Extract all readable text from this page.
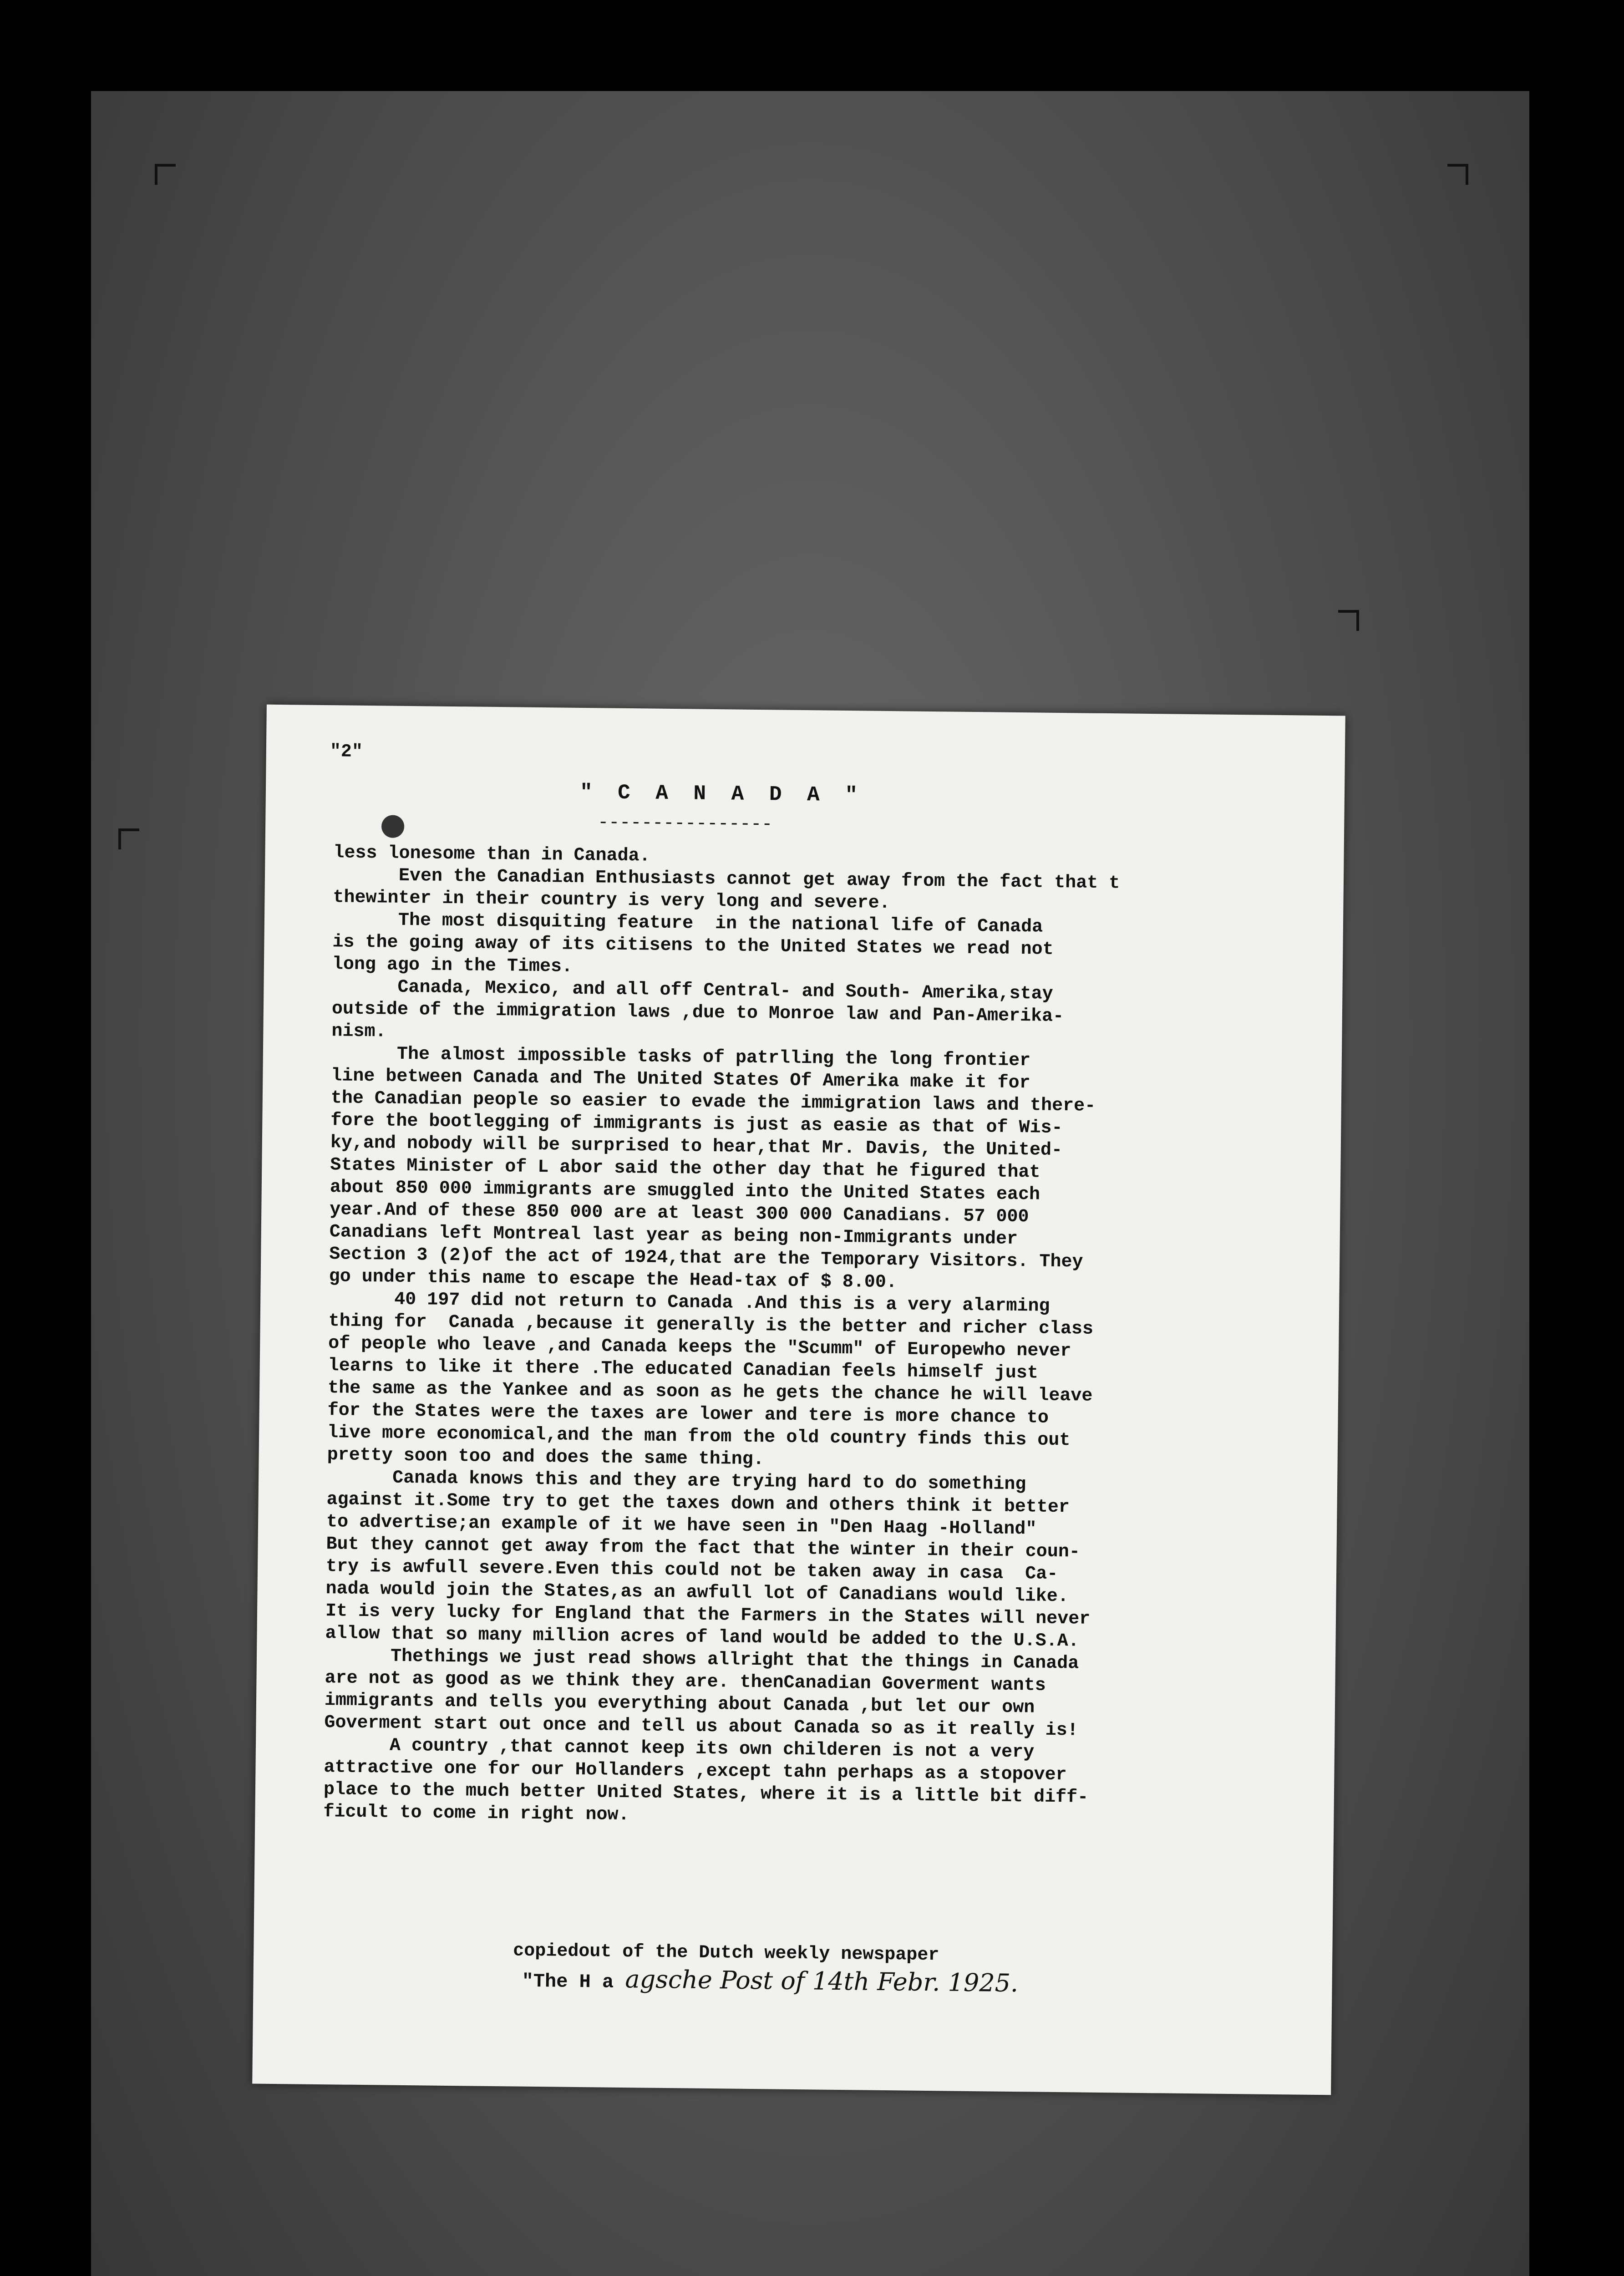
"2"
" C A N A D A "
----------------

less lonesome than in Canada.

Even the Canadian Enthusiasts cannot get away from the fact that t

thewinter in their country is very long and severe.

The most disquiting feature  in the national life of Canada

is the going away of its citisens to the United States we read not

long ago in the Times.

Canada, Mexico, and all off Central- and South- Amerika,stay

outside of the immigration laws ,due to Monroe law and Pan-Amerika-

nism.

The almost impossible tasks of patrlling the long frontier

line between Canada and The United States Of Amerika make it for

the Canadian people so easier to evade the immigration laws and there-

fore the bootlegging of immigrants is just as easie as that of Wis-

ky,and nobody will be surprised to hear,that Mr. Davis, the United-

States Minister of L abor said the other day that he figured that

about 850 000 immigrants are smuggled into the United States each

year.And of these 850 000 are at least 300 000 Canadians. 57 000

Canadians left Montreal last year as being non-Immigrants under

Section 3 (2)of the act of 1924,that are the Temporary Visitors. They

go under this name to escape the Head-tax of $ 8.00.

40 197 did not return to Canada .And this is a very alarming

thing for  Canada ,because it generally is the better and richer class

of people who leave ,and Canada keeps the "Scumm" of Europewho never

learns to like it there .The educated Canadian feels himself just

the same as the Yankee and as soon as he gets the chance he will leave

for the States were the taxes are lower and tere is more chance to

live more economical,and the man from the old country finds this out

pretty soon too and does the same thing.

Canada knows this and they are trying hard to do something

against it.Some try to get the taxes down and others think it better

to advertise;an example of it we have seen in "Den Haag -Holland"

But they cannot get away from the fact that the winter in their coun-

try is awfull severe.Even this could not be taken away in casa  Ca-

nada would join the States,as an awfull lot of Canadians would like.

It is very lucky for England that the Farmers in the States will never

allow that so many million acres of land would be added to the U.S.A.

Thethings we just read shows allright that the things in Canada

are not as good as we think they are. thenCanadian Goverment wants

immigrants and tells you everything about Canada ,but let our own

Goverment start out once and tell us about Canada so as it really is!

A country ,that cannot keep its own childeren is not a very

attractive one for our Hollanders ,except tahn perhaps as a stopover

place to the much better United States, where it is a little bit diff-

ficult to come in right now.

copiedout of the Dutch weekly newspaper
"The H a agsche Post of 14th Febr. 1925.
